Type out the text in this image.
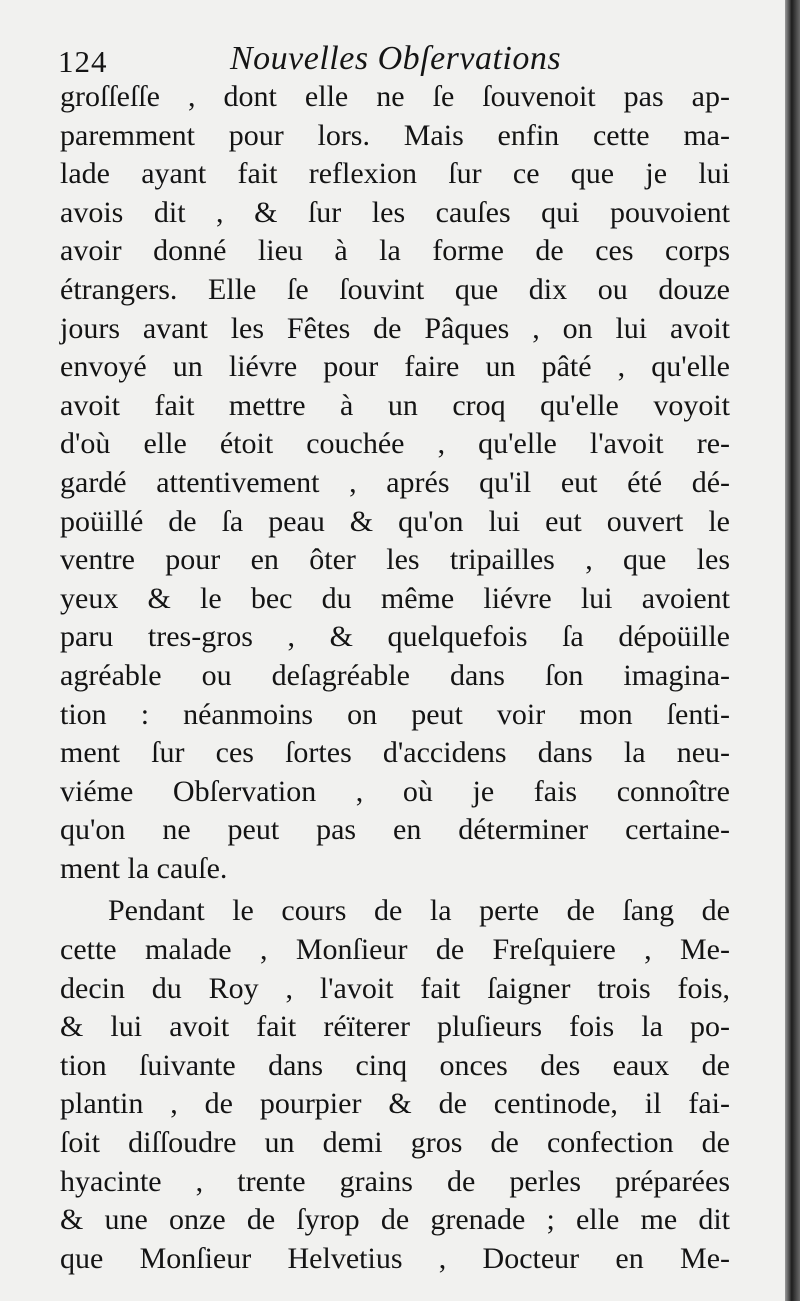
124	Nouvelles Obſervations
groſſeſſe , dont elle ne ſe ſouvenoit pas ap-
paremment pour lors. Mais enfin cette ma-
lade ayant fait reflexion ſur ce que je lui
avois dit , & ſur les cauſes qui pouvoient
avoir donné lieu à la forme de ces corps
étrangers. Elle ſe ſouvint que dix ou douze
jours avant les Fêtes de Pâques , on lui avoit
envoyé un liévre pour faire un pâté , qu'elle
avoit fait mettre à un croq qu'elle voyoit
d'où elle étoit couchée , qu'elle l'avoit re-
gardé attentivement , aprés qu'il eut été dé-
poüillé de ſa peau & qu'on lui eut ouvert le
ventre pour en ôter les tripailles , que les
yeux & le bec du même liévre lui avoient
paru tres-gros , & quelquefois ſa dépoüille
agréable ou deſagréable dans ſon imagina-
tion : néanmoins on peut voir mon ſenti-
ment ſur ces ſortes d'accidens dans la neu-
viéme Obſervation , où je fais connoître
qu'on ne peut pas en déterminer certaine-
ment la cauſe.
Pendant le cours de la perte de ſang de
cette malade , Monſieur de Freſquiere , Me-
decin du Roy , l'avoit fait ſaigner trois fois,
& lui avoit fait réïterer pluſieurs fois la po-
tion ſuivante dans cinq onces des eaux de
plantin , de pourpier & de centinode, il fai-
ſoit diſſoudre un demi gros de confection de
hyacinte , trente grains de perles préparées
& une onze de ſyrop de grenade ; elle me dit
que Monſieur Helvetius , Docteur en Me-
